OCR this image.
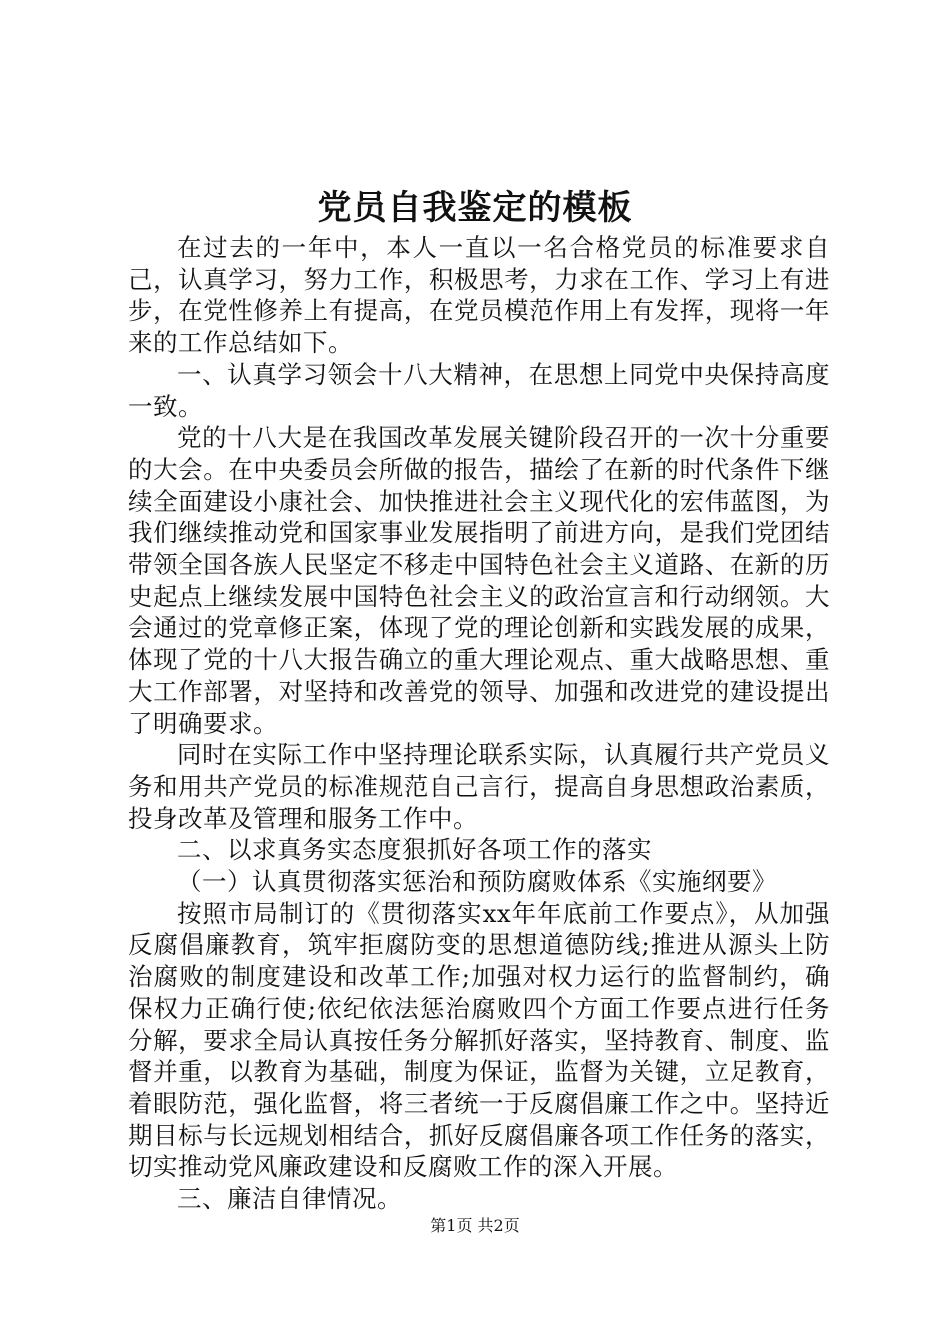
党员自我鉴定的模板

在过去的一年中，本人一直以一名合格党员的标准要求自己，认真学习，努力工作，积极思考，力求在工作、学习上有进步，在党性修养上有提高，在党员模范作用上有发挥，现将一年来的工作总结如下。

一、认真学习领会十八大精神，在思想上同党中央保持高度一致。

党的十八大是在我国改革发展关键阶段召开的一次十分重要的大会。在中央委员会所做的报告，描绘了在新的时代条件下继续全面建设小康社会、加快推进社会主义现代化的宏伟蓝图，为我们继续推动党和国家事业发展指明了前进方向，是我们党团结带领全国各族人民坚定不移走中国特色社会主义道路、在新的历史起点上继续发展中国特色社会主义的政治宣言和行动纲领。大会通过的党章修正案，体现了党的理论创新和实践发展的成果，体现了党的十八大报告确立的重大理论观点、重大战略思想、重大工作部署，对坚持和改善党的领导、加强和改进党的建设提出了明确要求。

同时在实际工作中坚持理论联系实际，认真履行共产党员义务和用共产党员的标准规范自己言行，提高自身思想政治素质，投身改革及管理和服务工作中。

二、以求真务实态度狠抓好各项工作的落实

（一）认真贯彻落实惩治和预防腐败体系《实施纲要》

按照市局制订的《贯彻落实xx年年底前工作要点》，从加强反腐倡廉教育，筑牢拒腐防变的思想道德防线;推进从源头上防治腐败的制度建设和改革工作;加强对权力运行的监督制约，确保权力正确行使;依纪依法惩治腐败四个方面工作要点进行任务分解，要求全局认真按任务分解抓好落实，坚持教育、制度、监督并重，以教育为基础，制度为保证，监督为关键，立足教育，着眼防范，强化监督，将三者统一于反腐倡廉工作之中。坚持近期目标与长远规划相结合，抓好反腐倡廉各项工作任务的落实，切实推动党风廉政建设和反腐败工作的深入开展。

三、廉洁自律情况。

第1页 共2页
